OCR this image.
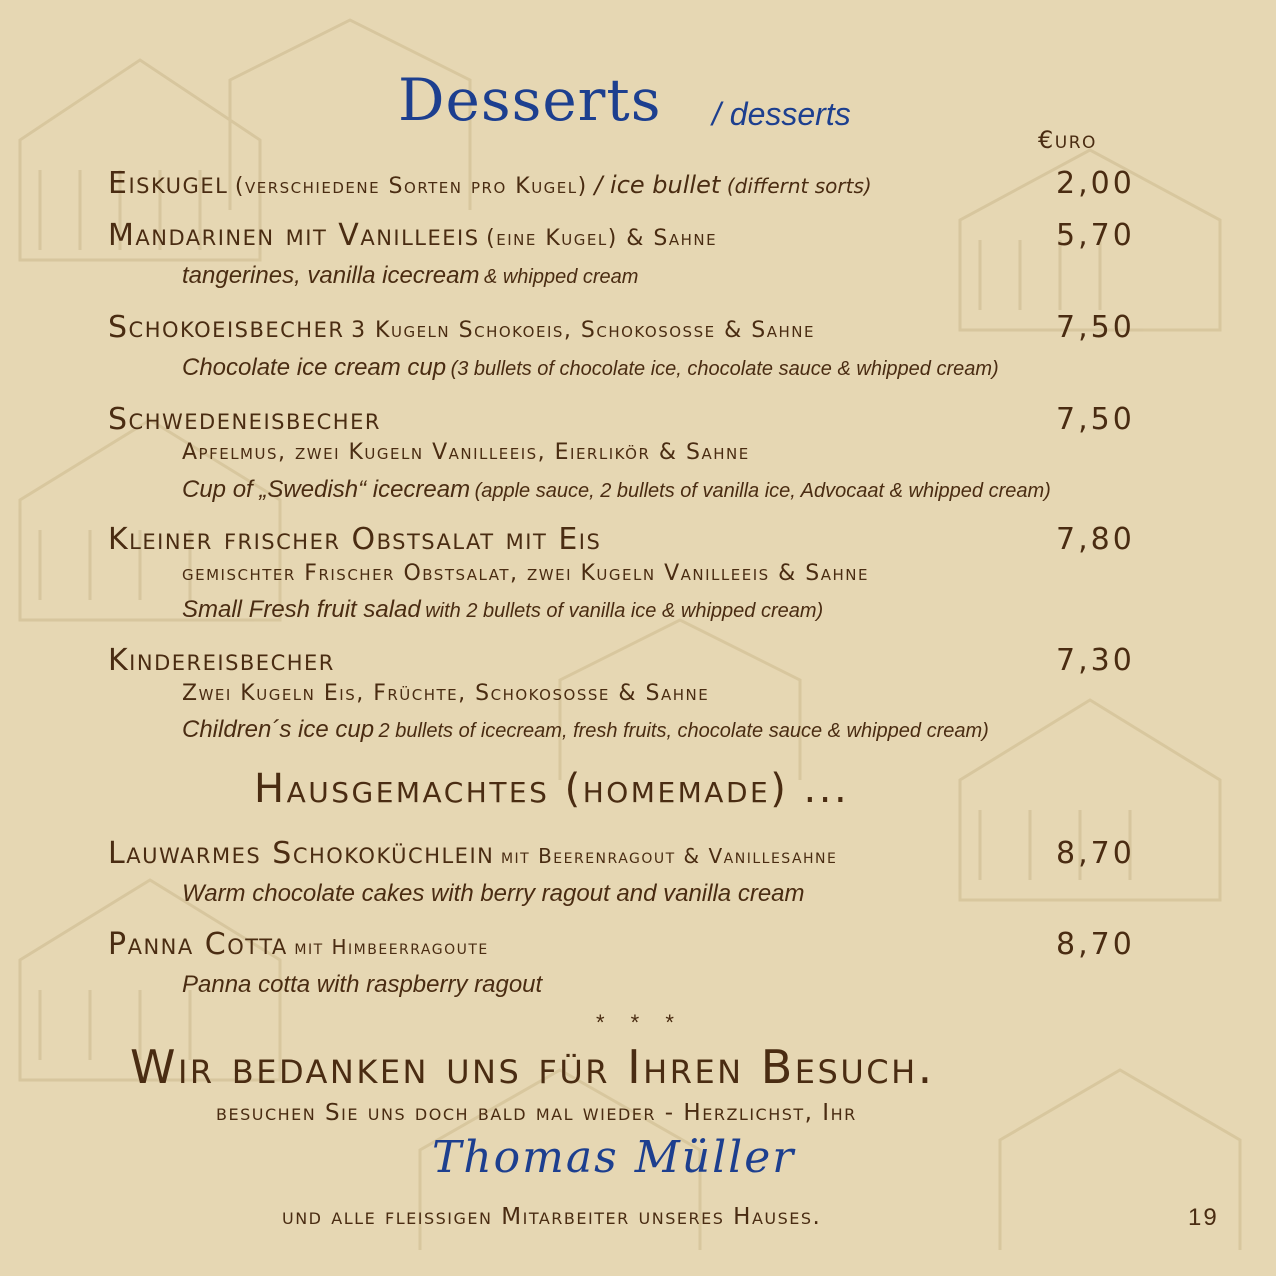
Desserts / desserts
€uro
Eiskugel (verschiedene Sorten pro Kugel) / ice bullet (differnt sorts)	2,00
Mandarinen mit Vanilleeis (eine Kugel) & Sahne	5,70
tangerines, vanilla icecream & whipped cream
Schokoeisbecher 3 Kugeln Schokoeis, Schokososse & Sahne	7,50
Chocolate ice cream cup (3 bullets of chocolate ice, chocolate sauce & whipped cream)
Schwedeneisbecher	7,50
Apfelmus, zwei Kugeln Vanilleeis, Eierlikör & Sahne
Cup of „Swedish“ icecream (apple sauce, 2 bullets of vanilla ice, Advocaat & whipped cream)
Kleiner frischer Obstsalat mit Eis	7,80
gemischter Frischer Obstsalat, zwei Kugeln Vanilleeis & Sahne
Small Fresh fruit salad with 2 bullets of vanilla ice & whipped cream)
Kindereisbecher	7,30
Zwei Kugeln Eis, Früchte, Schokososse & Sahne
Children´s ice cup 2 bullets of icecream, fresh fruits, chocolate sauce & whipped cream)
Hausgemachtes (homemade) ...
Lauwarmes Schokoküchlein mit Beerenragout & Vanillesahne	8,70
Warm chocolate cakes with berry ragout and vanilla cream
Panna Cotta mit Himbeerragoute	8,70
Panna cotta with raspberry ragout
* * *
Wir bedanken uns für Ihren Besuch.
besuchen Sie uns doch bald mal wieder - Herzlichst, Ihr
Thomas Müller
und alle fleissigen Mitarbeiter unseres Hauses.	19
